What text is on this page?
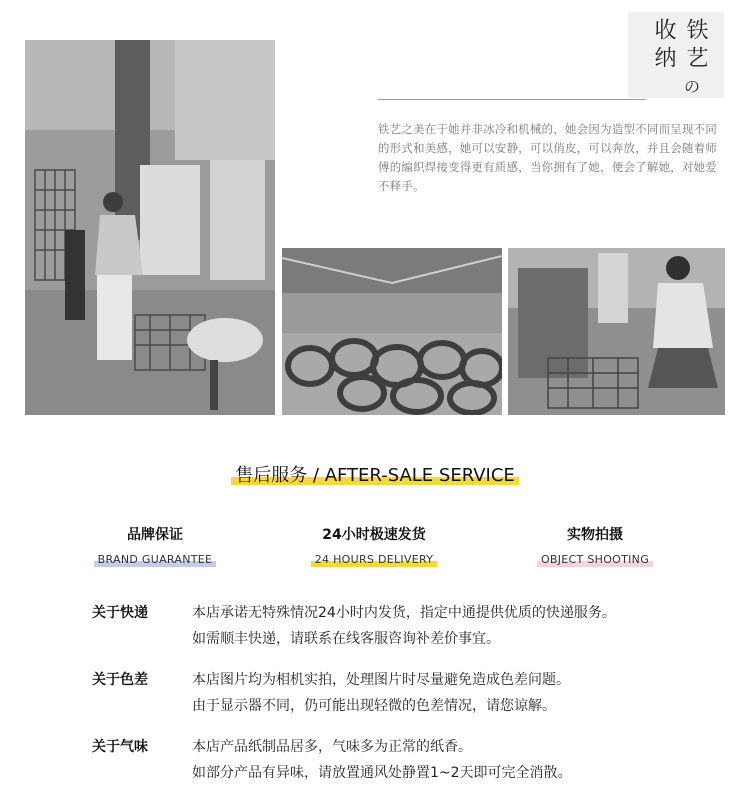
铁艺
收纳
の

铁艺之美在于她并非冰冷和机械的，她会因为造型不同而呈现不同的形式和美感，她可以安静，可以俏皮，可以奔放，并且会随着师傅的编织焊接变得更有质感，当你拥有了她，便会了解她，对她爱不释手。

售后服务 / AFTER-SALE SERVICE
品牌保证
BRAND GUARANTEE
24小时极速发货
24 HOURS DELIVERY
实物拍摄
OBJECT SHOOTING
关于快递	本店承诺无特殊情况24小时内发货，指定中通提供优质的快递服务。
如需顺丰快递，请联系在线客服咨询补差价事宜。
关于色差	本店图片均为相机实拍，处理图片时尽量避免造成色差问题。
由于显示器不同，仍可能出现轻微的色差情况，请您谅解。
关于气味	本店产品纸制品居多，气味多为正常的纸香。
如部分产品有异味，请放置通风处静置1~2天即可完全消散。
